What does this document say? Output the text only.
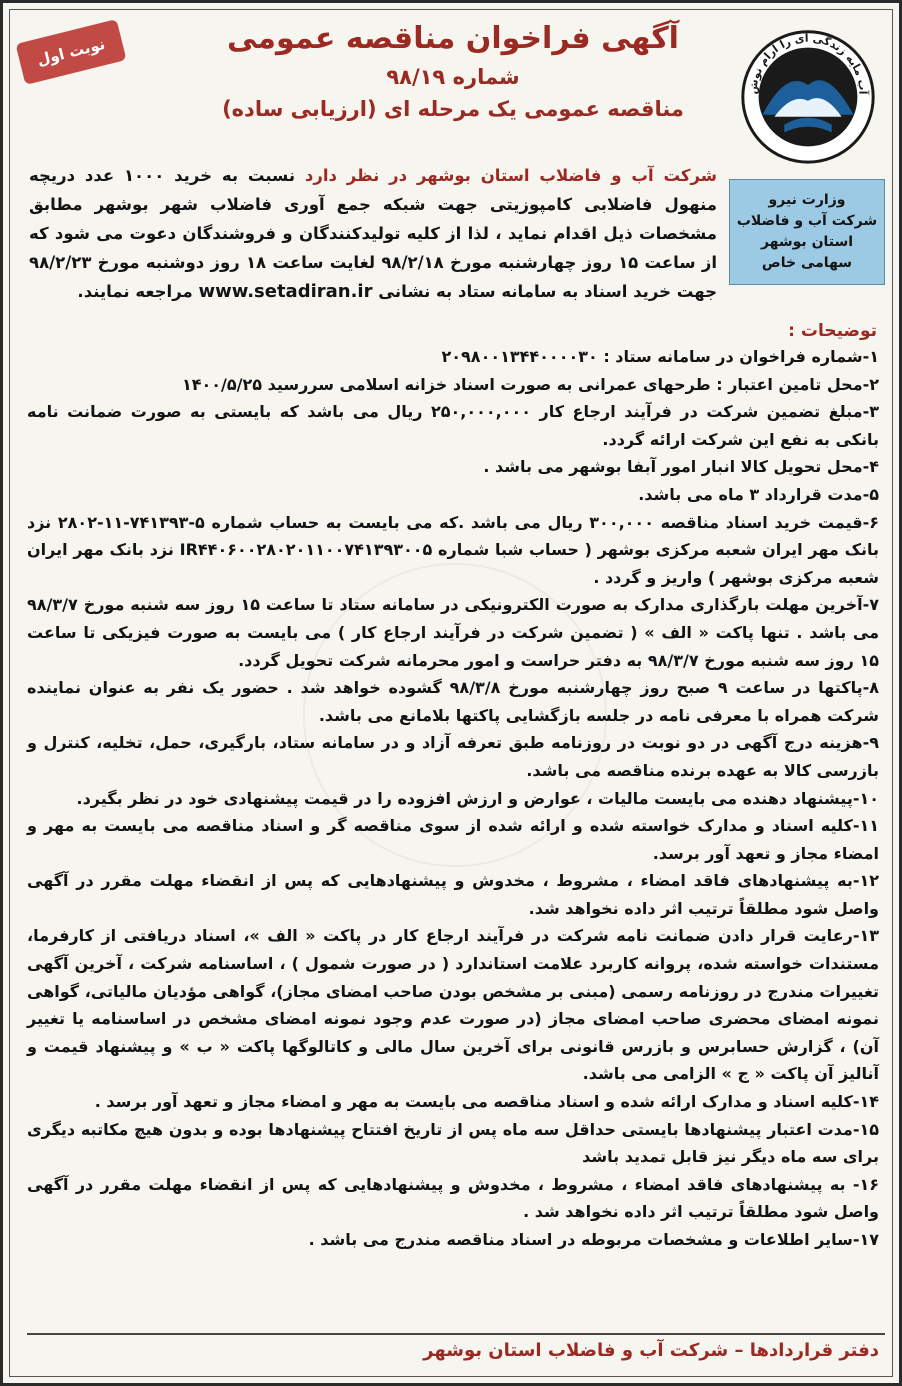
نوبت اول	آگهی فراخوان مناقصه عمومی
شماره ۹۸/۱۹
مناقصه عمومی یک مرحله ای (ارزیابی ساده)
آب مایه زندگی ای را آرام نوش
وزارت نیرو
شرکت آب و فاضلاب
استان بوشهر
سهامی خاص
شرکت آب و فاضلاب استان بوشهر در نظر دارد نسبت به خرید ۱۰۰۰ عدد دریچه منهول فاضلابی کامپوزیتی جهت شبکه جمع آوری فاضلاب شهر بوشهر مطابق مشخصات ذیل اقدام نماید ، لذا از کلیه تولیدکنندگان و فروشندگان دعوت می شود که از ساعت ۱۵ روز چهارشنبه مورخ ۹۸/۲/۱۸ لغایت ساعت ۱۸ روز دوشنبه مورخ ۹۸/۲/۲۳ جهت خرید اسناد به سامانه ستاد به نشانی www.setadiran.ir مراجعه نمایند.
توضیحات :

۱-شماره فراخوان در سامانه ستاد : ۲۰۹۸۰۰۱۳۴۴۰۰۰۰۳۰

۲-محل تامین اعتبار : طرحهای عمرانی به صورت اسناد خزانه اسلامی سررسید ۱۴۰۰/۵/۲۵

۳-مبلغ تضمین شرکت در فرآیند ارجاع کار ۲۵۰,۰۰۰,۰۰۰ ریال می باشد که بایستی به صورت ضمانت نامه بانکی به نفع این شرکت ارائه گردد.

۴-محل تحویل کالا انبار امور آبفا بوشهر می باشد .

۵-مدت قرارداد ۳ ماه می باشد.

۶-قیمت خرید اسناد مناقصه ۳۰۰,۰۰۰ ریال می باشد .که می بایست به حساب شماره ۵-۷۴۱۳۹۳-۱۱-۲۸۰۲ نزد بانک مهر ایران شعبه مرکزی بوشهر ( حساب شبا شماره IR۴۴۰۶۰۰۲۸۰۲۰۱۱۰۰۷۴۱۳۹۳۰۰۵ نزد بانک مهر ایران شعبه مرکزی بوشهر ) واریز و گردد .

۷-آخرین مهلت بارگذاری مدارک به صورت الکترونیکی در سامانه ستاد تا ساعت ۱۵ روز سه شنبه مورخ ۹۸/۳/۷ می باشد . تنها پاکت « الف » ( تضمین شرکت در فرآیند ارجاع کار ) می بایست به صورت فیزیکی تا ساعت ۱۵ روز سه شنبه مورخ ۹۸/۳/۷ به دفتر حراست و امور محرمانه شرکت تحویل گردد.

۸-پاکتها در ساعت ۹ صبح روز چهارشنبه مورخ ۹۸/۳/۸ گشوده خواهد شد . حضور یک نفر به عنوان نماینده شرکت همراه با معرفی نامه در جلسه بازگشایی پاکتها بلامانع می باشد.

۹-هزینه درج آگهی در دو نوبت در روزنامه طبق تعرفه آزاد و در سامانه ستاد، بارگیری، حمل، تخلیه، کنترل و بازرسی کالا به عهده برنده مناقصه می باشد.

۱۰-پیشنهاد دهنده می بایست مالیات ، عوارض و ارزش افزوده را در قیمت پیشنهادی خود در نظر بگیرد.

۱۱-کلیه اسناد و مدارک خواسته شده و ارائه شده از سوی مناقصه گر و اسناد مناقصه می بایست به مهر و امضاء مجاز و تعهد آور برسد.

۱۲-به پیشنهادهای فاقد امضاء ، مشروط ، مخدوش و پیشنهادهایی که پس از انقضاء مهلت مقرر در آگهی واصل شود مطلقاً ترتیب اثر داده نخواهد شد.

۱۳-رعایت قرار دادن ضمانت نامه شرکت در فرآیند ارجاع کار در پاکت « الف »، اسناد دریافتی از کارفرما، مستندات خواسته شده، پروانه کاربرد علامت استاندارد ( در صورت شمول ) ، اساسنامه شرکت ، آخرین آگهی تغییرات مندرج در روزنامه رسمی (مبنی بر مشخص بودن صاحب امضای مجاز)، گواهی مؤدیان مالیاتی، گواهی نمونه امضای محضری صاحب امضای مجاز (در صورت عدم وجود نمونه امضای مشخص در اساسنامه یا تغییر آن) ، گزارش حسابرس و بازرس قانونی برای آخرین سال مالی و کاتالوگها پاکت « ب » و پیشنهاد قیمت و آنالیز آن پاکت « ج » الزامی می باشد.

۱۴-کلیه اسناد و مدارک ارائه شده و اسناد مناقصه می بایست به مهر و امضاء مجاز و تعهد آور برسد .

۱۵-مدت اعتبار پیشنهادها بایستی حداقل سه ماه پس از تاریخ افتتاح پیشنهادها بوده و بدون هیچ مکاتبه دیگری برای سه ماه دیگر نیز قابل تمدید باشد

۱۶- به پیشنهادهای فاقد امضاء ، مشروط ، مخدوش و پیشنهادهایی که پس از انقضاء مهلت مقرر در آگهی واصل شود مطلقاً ترتیب اثر داده نخواهد شد .

۱۷-سایر اطلاعات و مشخصات مربوطه در اسناد مناقصه مندرج می باشد .

دفتر قراردادها – شرکت آب و فاضلاب استان بوشهر
